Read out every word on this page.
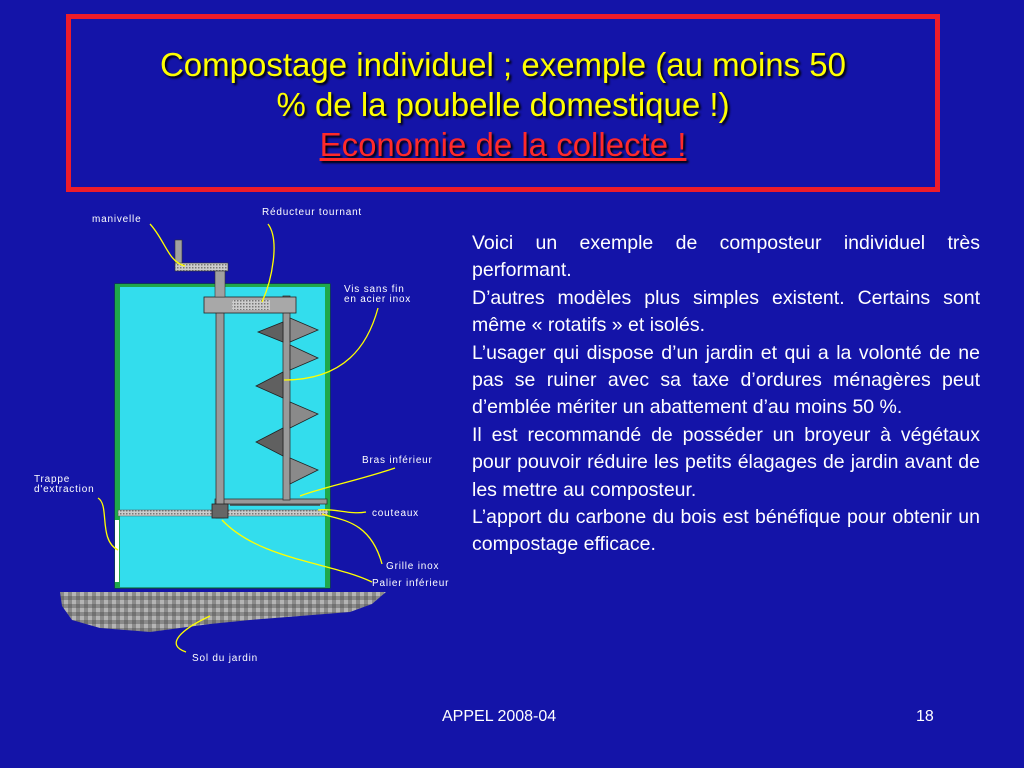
Compostage individuel ; exemple (au moins 50
% de la poubelle domestique !)
Economie de la collecte !
manivelle
Réducteur tournant
Vis sans fin
en acier inox
Bras inférieur
Trappe
d'extraction
couteaux
Grille inox
Palier inférieur
Sol du jardin

Voici un exemple de composteur individuel très performant.

D’autres modèles plus simples existent. Certains sont même « rotatifs » et isolés.

L’usager qui dispose d’un jardin et qui a la volonté de ne pas se ruiner avec sa taxe d’ordures ménagères peut d’emblée mériter un abattement d’au moins 50 %.

Il est recommandé de posséder un broyeur à végétaux pour pouvoir réduire les petits élagages de jardin avant de les mettre au composteur.

L’apport du carbone du bois est bénéfique pour obtenir un compostage efficace.

APPEL 2008-04	18
